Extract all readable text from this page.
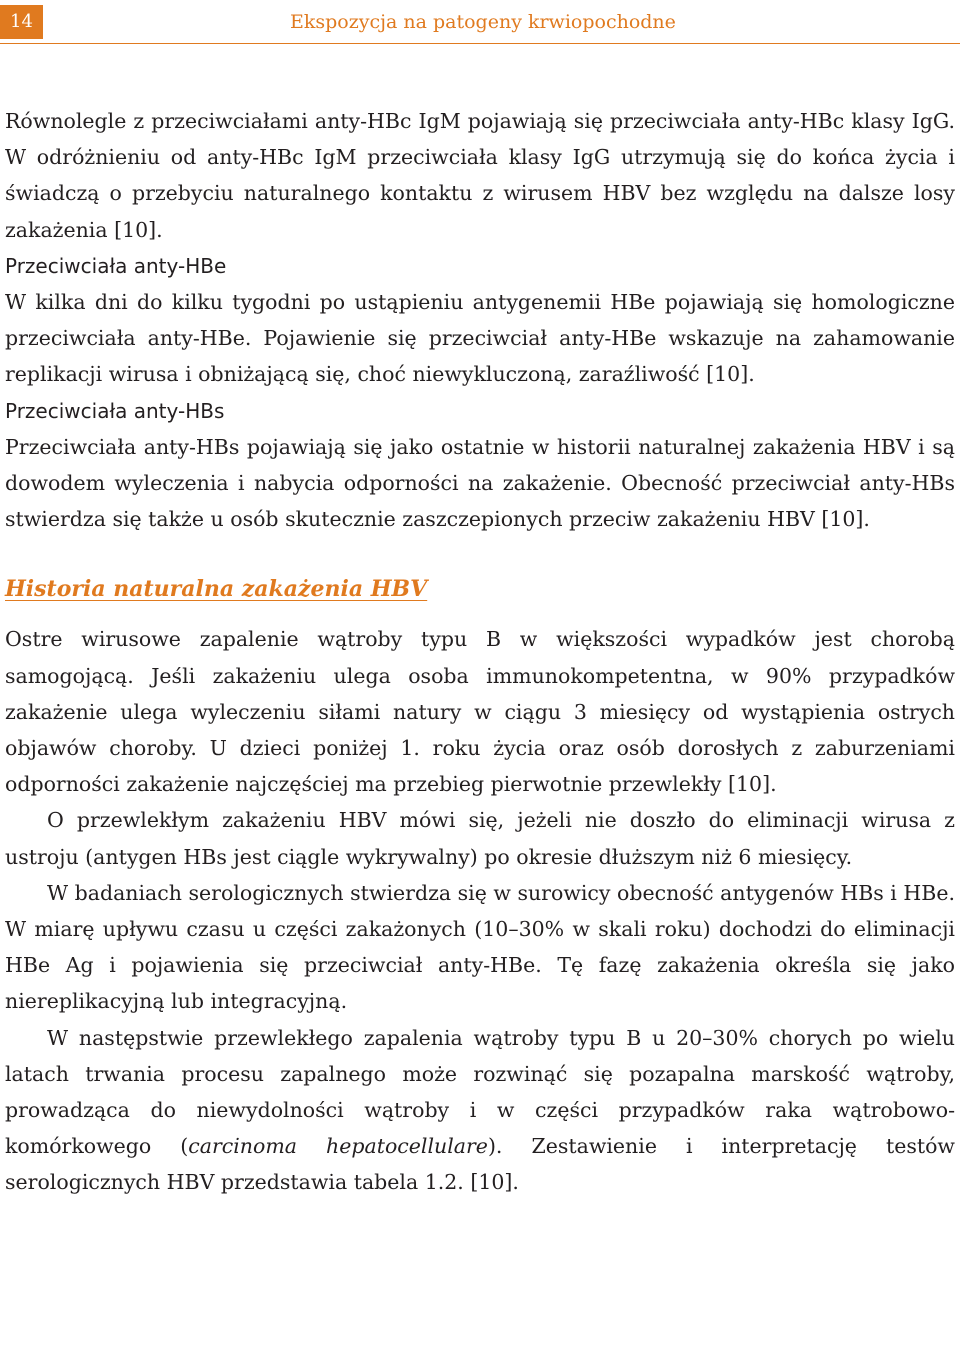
14	Ekspozycja na patogeny krwiopochodne

Równolegle z przeciwciałami anty-HBc IgM pojawiają się przeciwciała anty-HBc klasy IgG. W odróżnieniu od anty-HBc IgM przeciwciała klasy IgG utrzymują się do końca życia i świadczą o przebyciu naturalnego kontaktu z wirusem HBV bez względu na dalsze losy zakażenia [10].

Przeciwciała anty-HBe

W kilka dni do kilku tygodni po ustąpieniu antygenemii HBe pojawiają się homologiczne przeciwciała anty-HBe. Pojawienie się przeciwciał anty-HBe wskazuje na zahamowanie replikacji wirusa i obniżającą się, choć niewykluczoną, zaraźliwość [10].

Przeciwciała anty-HBs

Przeciwciała anty-HBs pojawiają się jako ostatnie w historii naturalnej zakażenia HBV i są dowodem wyleczenia i nabycia odporności na zakażenie. Obecność przeciwciał anty-HBs stwierdza się także u osób skutecznie zaszczepionych przeciw zakażeniu HBV [10].

Historia naturalna zakażenia HBV

Ostre wirusowe zapalenie wątroby typu B w większości wypadków jest chorobą samogojącą. Jeśli zakażeniu ulega osoba immunokompetentna, w 90% przypadków zakażenie ulega wyleczeniu siłami natury w ciągu 3 miesięcy od wystąpienia ostrych objawów choroby. U dzieci poniżej 1. roku życia oraz osób dorosłych z zaburzeniami odporności zakażenie najczęściej ma przebieg pierwotnie przewlekły [10].

O przewlekłym zakażeniu HBV mówi się, jeżeli nie doszło do eliminacji wirusa z ustroju (antygen HBs jest ciągle wykrywalny) po okresie dłuższym niż 6 miesięcy.

W badaniach serologicznych stwierdza się w surowicy obecność antygenów HBs i HBe. W miarę upływu czasu u części zakażonych (10–30% w skali roku) dochodzi do eliminacji HBe Ag i pojawienia się przeciwciał anty-HBe. Tę fazę zakażenia określa się jako niereplikacyjną lub integracyjną.

W następstwie przewlekłego zapalenia wątroby typu B u 20–30% chorych po wielu latach trwania procesu zapalnego może rozwinąć się pozapalna marskość wątroby, prowadząca do niewydolności wątroby i w części przypadków raka wątrobowo-komórkowego (carcinoma hepatocellulare). Zestawienie i interpretację testów serologicznych HBV przedstawia tabela 1.2. [10].
